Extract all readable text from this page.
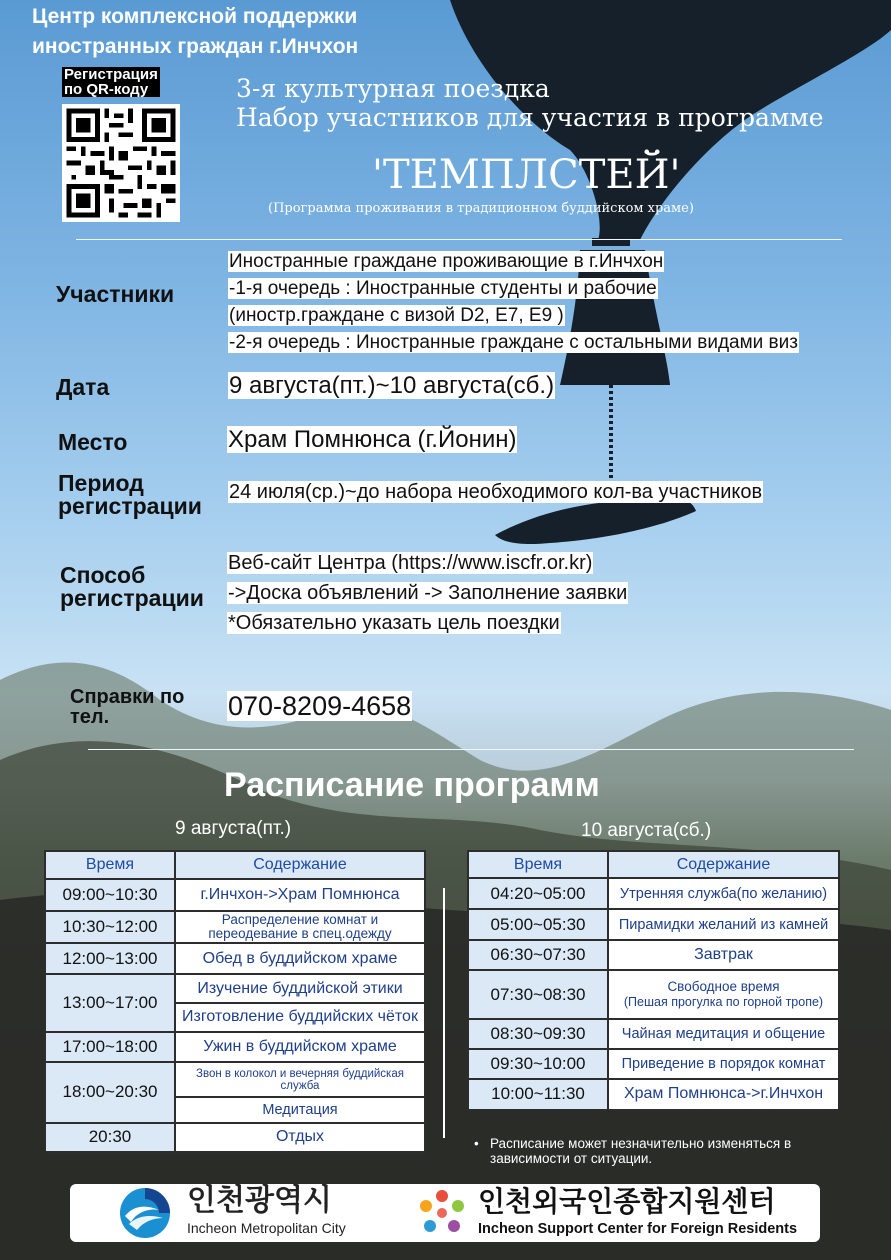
Центр комплексной поддержки
иностранных граждан г.Инчхон
Регистрация
по QR-коду	3-я культурная поездка
Набор участников для участия в программе
'ТЕМПЛСТЕЙ'
(Программа проживания в традиционном буддийском храме)
Участники
Иностранные граждане проживающие в г.Инчхон
-1-я очередь : Иностранные студенты и рабочие
(иностр.граждане с визой D2, E7, E9 )
-2-я очередь : Иностранные граждане с остальными видами виз
Дата	9 августа(пт.)~10 августа(сб.)
Место	Храм Помнюнса (г.Йонин)
Период
регистрации
24 июля(ср.)~до набора необходимого кол-ва участников
Способ
регистрации
Веб-сайт Центра (https://www.iscfr.or.kr)
->Доска объявлений -> Заполнение заявки
*Обязательно указать цель поездки
Справки по
тел.	070-8209-4658
Расписание программ
9 августа(пт.)	10 августа(сб.)
Время	Содержание
09:00~10:30	г.Инчхон->Храм Помнюнса
10:30~12:00	Распределение комнат и переодевание в спец.одежду
12:00~13:00	Обед в буддийском храме
13:00~17:00	Изучение буддийской этики
	Изготовление буддийских чёток
17:00~18:00	Ужин в буддийском храме
18:00~20:30	Звон в колокол и вечерняя буддийская служба
	Медитация
20:30	Отдых
Время	Содержание
04:20~05:00	Утренняя служба(по желанию)
05:00~05:30	Пирамидки желаний из камней
06:30~07:30	Завтрак
07:30~08:30	Свободное время
(Пешая прогулка по горной тропе)

08:30~09:30	Чайная медитация и общение
09:30~10:00	Приведение в порядок комнат
10:00~11:30	Храм Помнюнса->г.Инчхон
• Расписание может незначительно изменяться в зависимости от ситуации.
인천광역시
Incheon Metropolitan City
인천외국인종합지원센터
Incheon Support Center for Foreign Residents
